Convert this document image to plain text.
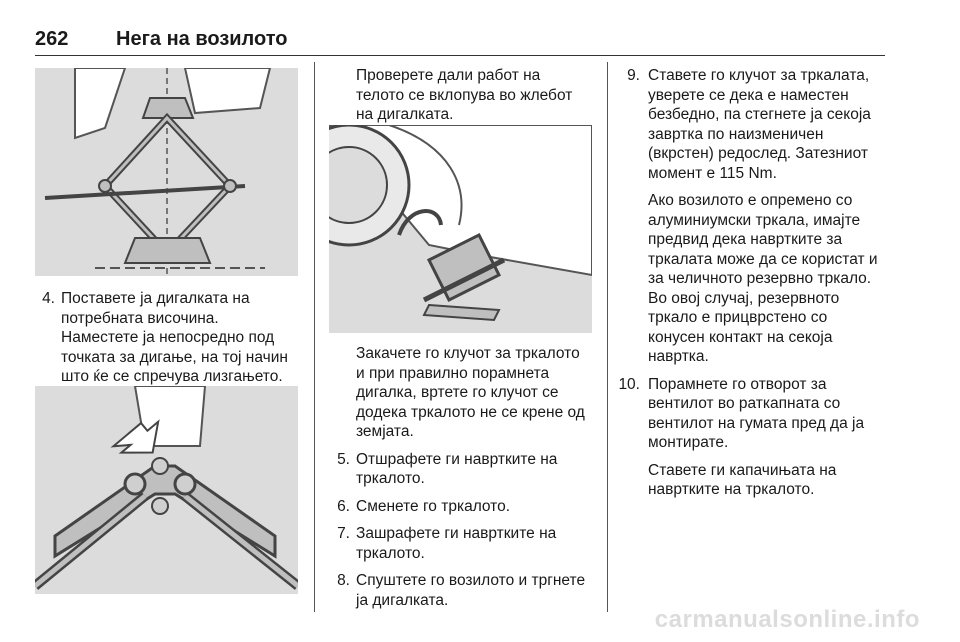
262 Нега на возилото
4. Поставете ја дигалката на
потребната височина.
Наместете ја непосредно под
точката за дигање, на тој начин
што ќе се спречува лизгањето.
Проверете дали работ на
телото се вклопува во жлебот
на дигалката.
Закачете го клучот за тркалото
и при правилно порамнета
дигалка, вртете го клучот се
додека тркалото не се крене од
земјата.
5. Отшрафете ги навртките на
тркалото.
6. Сменете го тркалото.
7. Зашрафете ги навртките на
тркалото.
8. Спуштете го возилото и тргнете
ја дигалката.
9. Ставете го клучот за тркалата,
уверете се дека е наместен
безбедно, па стегнете ја секоја
завртка по наизменичен
(вкрстен) редослед. Затезниот
момент е 115 Nm.
Ако возилото е опремено со
алуминиумски тркала, имајте
предвид дека навртките за
тркалата може да се користат и
за челичното резервно тркало.
Во овој случај, резервното
тркало е прицврстено со
конусен контакт на секоја
навртка.
10. Порамнете го отворот за
вентилот во раткапната со
вентилот на гумата пред да ја
монтирате.
Ставете ги капачињата на
навртките на тркалото.
carmanualsonline.info
